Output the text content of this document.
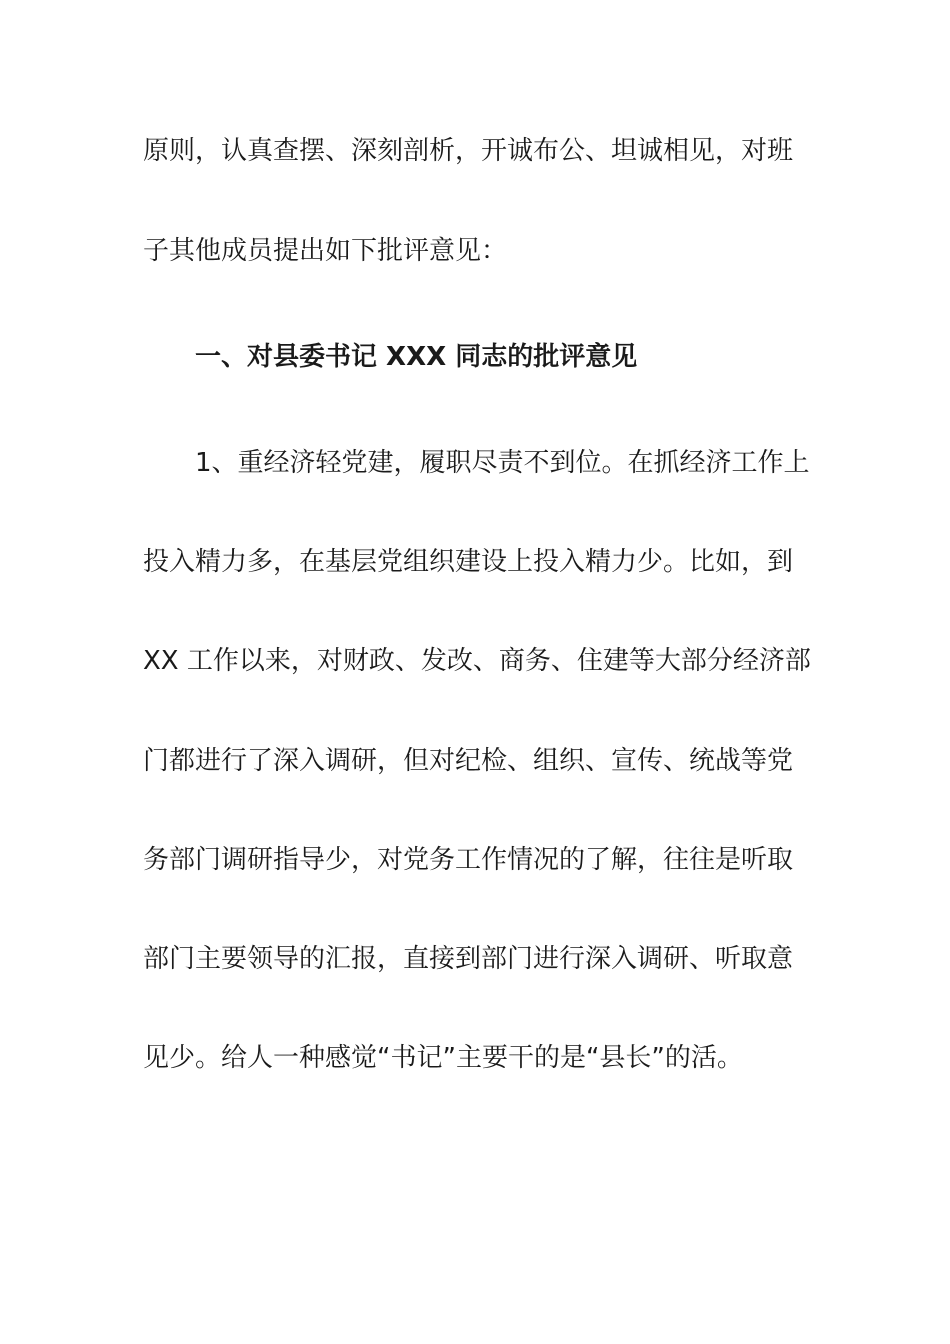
原则，认真查摆、深刻剖析，开诚布公、坦诚相见，对班
子其他成员提出如下批评意见：
一、对县委书记 XXX 同志的批评意见
1、重经济轻党建，履职尽责不到位。在抓经济工作上
投入精力多，在基层党组织建设上投入精力少。比如，到
XX 工作以来，对财政、发改、商务、住建等大部分经济部
门都进行了深入调研，但对纪检、组织、宣传、统战等党
务部门调研指导少，对党务工作情况的了解，往往是听取
部门主要领导的汇报，直接到部门进行深入调研、听取意
见少。给人一种感觉“书记”主要干的是“县长”的活。
